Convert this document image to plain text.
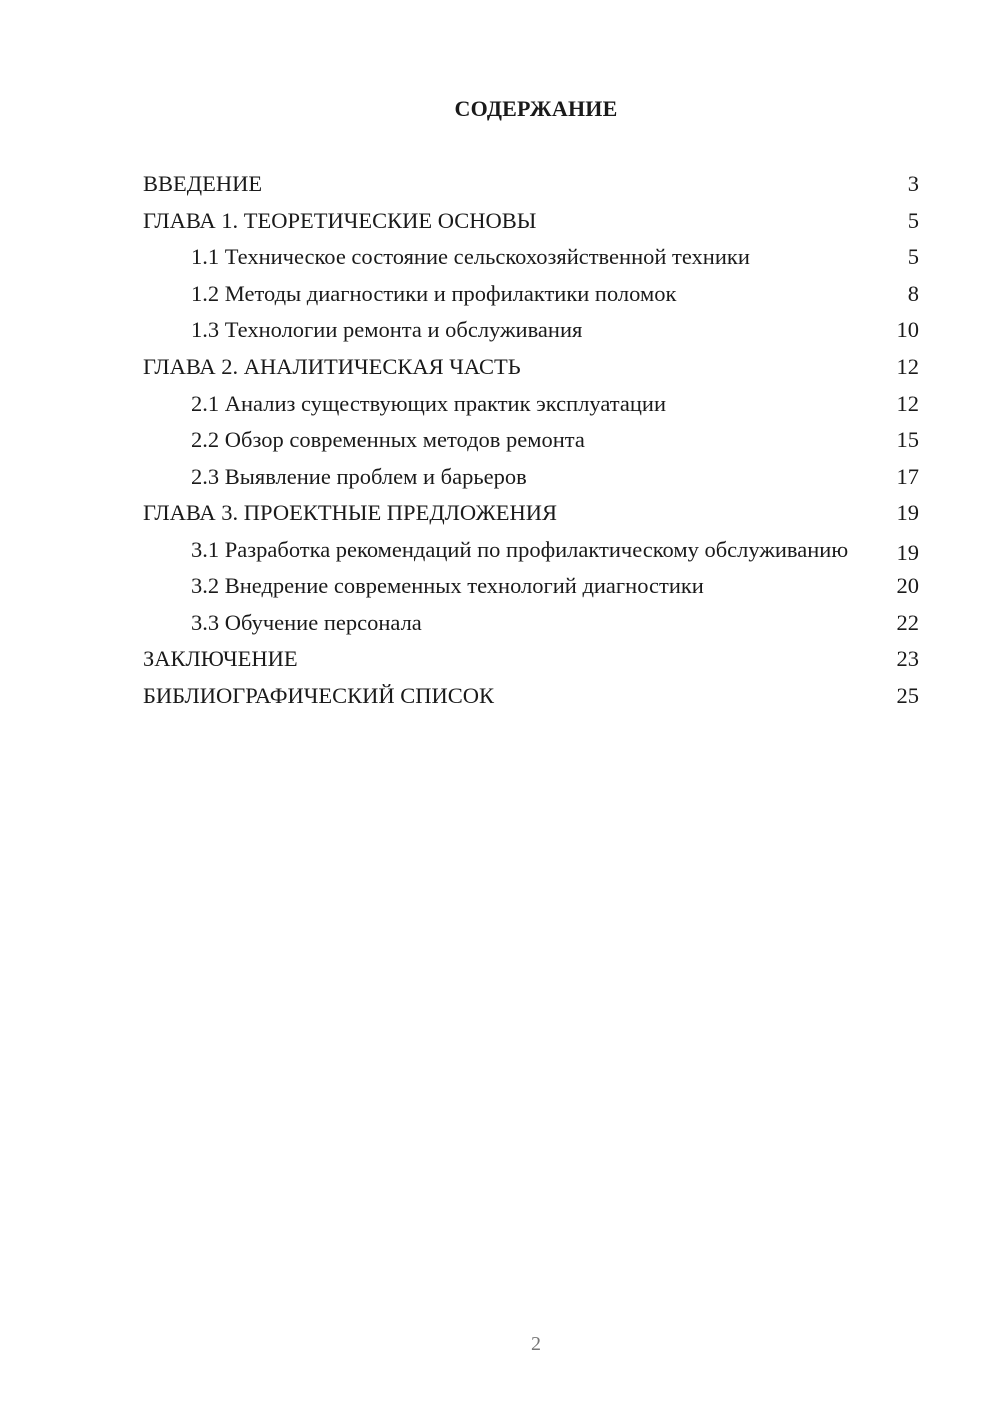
СОДЕРЖАНИЕ
ВВЕДЕНИЕ	3
ГЛАВА 1. ТЕОРЕТИЧЕСКИЕ ОСНОВЫ	5
1.1 Техническое состояние сельскохозяйственной техники	5
1.2 Методы диагностики и профилактики поломок	8
1.3 Технологии ремонта и обслуживания	10
ГЛАВА 2. АНАЛИТИЧЕСКАЯ ЧАСТЬ	12
2.1 Анализ существующих практик эксплуатации	12
2.2 Обзор современных методов ремонта	15
2.3 Выявление проблем и барьеров	17
ГЛАВА 3. ПРОЕКТНЫЕ ПРЕДЛОЖЕНИЯ	19
3.1 Разработка рекомендаций по профилактическому обслуживанию 19
3.2 Внедрение современных технологий диагностики	20
3.3 Обучение персонала	22
ЗАКЛЮЧЕНИЕ	23
БИБЛИОГРАФИЧЕСКИЙ СПИСОК	25
2
